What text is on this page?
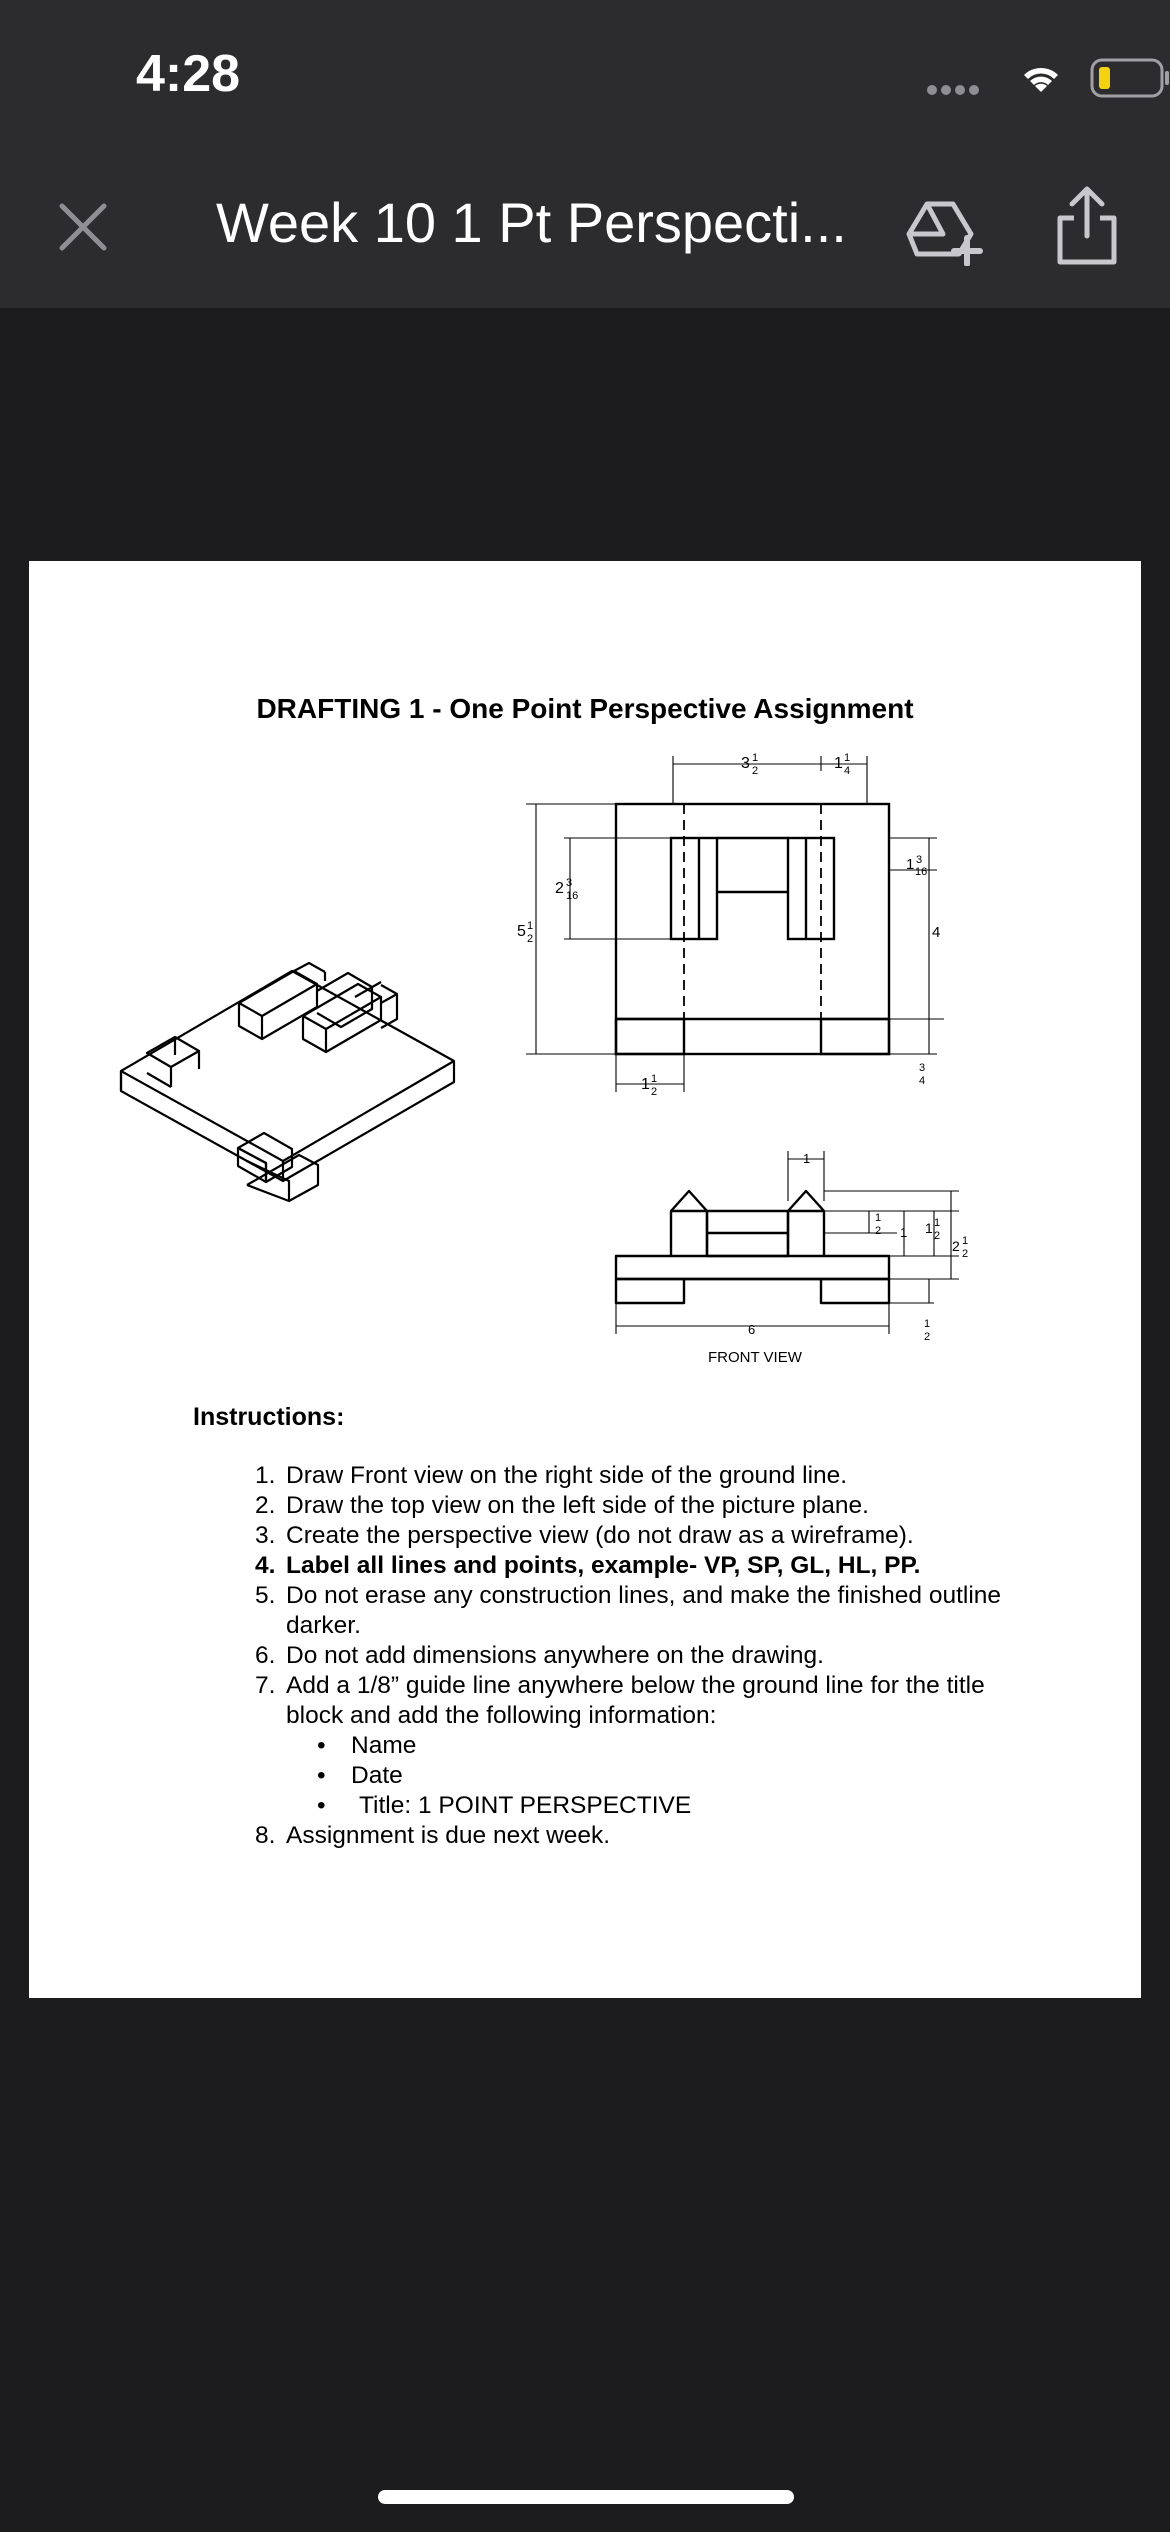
4:28
Week 10 1 Pt Perspecti...
DRAFTING 1 - One Point Perspective Assignment
3 1
2	1 1
4
5 1
2
2 3
16
1 3
16
4
3
4
1 1
2
1
1
2 1 1 1
2
2 1
2
6	1
2
FRONT VIEW
Instructions:
1. Draw Front view on the right side of the ground line.
2. Draw the top view on the left side of the picture plane.
3. Create the perspective view (do not draw as a wireframe).
4. Label all lines and points, example- VP, SP, GL, HL, PP.
5. Do not erase any construction lines, and make the finished outline darker.
6. Do not add dimensions anywhere on the drawing.
7. Add a 1/8” guide line anywhere below the ground line for the title block and add the following information:
• Name
• Date
• Title: 1 POINT PERSPECTIVE
8. Assignment is due next week.
